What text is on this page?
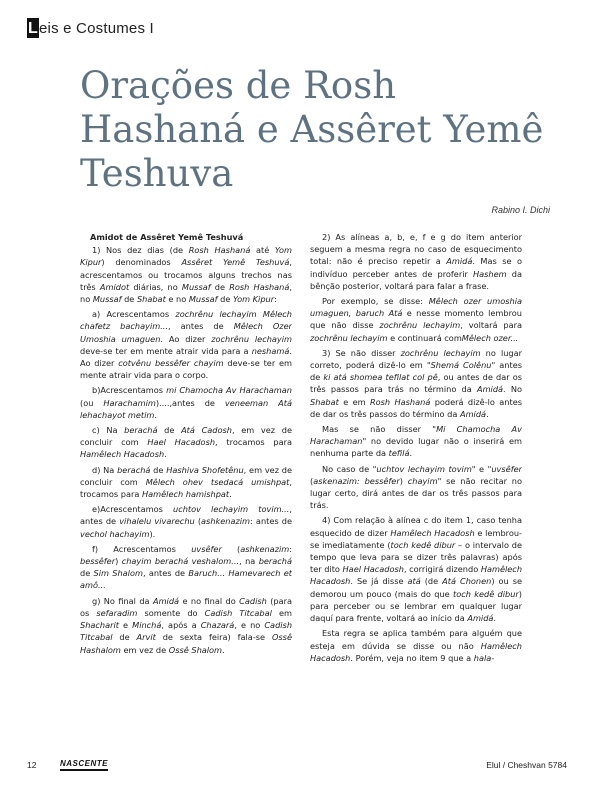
L eis e Costumes I
Orações de Rosh Hashaná e Assêret Yemê Teshuva
Rabino I. Dichi

Amidot de Assêret Yemê Teshuvá

1) Nos dez dias (de Rosh Hashaná até Yom Kipur) denominados Assêret Yemê Teshuvá, acrescentamos ou trocamos alguns trechos nas três Amidot diárias, no Mussaf de Rosh Hashaná, no Mussaf de Shabat e no Mussaf de Yom Kipur:

a) Acrescentamos zochrênu lechayim Mêlech chafetz bachayim..., antes de Mêlech Ozer Umoshia umaguen. Ao dizer zochrênu lechayim deve-se ter em mente atrair vida para a neshamá. Ao dizer cotvênu bessêfer chayim deve-se ter em mente atrair vida para o corpo.

b)Acrescentamos mi Chamocha Av Harachaman (ou Harachamim)....,antes de veneeman Atá lehachayot metim.

c) Na berachá de Atá Cadosh, em vez de concluir com Hael Hacadosh, trocamos para Hamêlech Hacadosh.

d) Na berachá de Hashiva Shofetênu, em vez de concluir com Mêlech ohev tsedacá umishpat, trocamos para Hamêlech hamishpat.

e)Acrescentamos uchtov lechayim tovim..., antes de vihalelu vivarechu (ashkenazim: antes de vechol hachayim).

f) Acrescentamos uvsêfer (ashkenazim: bessêfer) chayim berachá veshalom..., na berachá de Sim Shalom, antes de Baruch... Hamevarech et amô...

g) No final da Amidá e no final do Cadish (para os sefaradim somente do Cadish Titcabal em Shacharit e Minchá, após a Chazará, e no Cadish Titcabal de Arvit de sexta feira) fala-se Ossê Hashalom em vez de Ossê Shalom.

2) As alíneas a, b, e, f e g do item anterior seguem a mesma regra no caso de esquecimento total: não é preciso repetir a Amidá. Mas se o indivíduo perceber antes de proferir Hashem da bênção posterior, voltará para falar a frase.

Por exemplo, se disse: Mêlech ozer umoshia umaguen, baruch Atá e nesse momento lembrou que não disse zochrênu lechayim, voltará para zochrênu lechayim e continuará comMêlech ozer...

3) Se não disser zochrênu lechayim no lugar correto, poderá dizê-lo em "Shemá Colênu" antes de ki atá shomea tefilat col pê, ou antes de dar os três passos para trás no término da Amidá. No Shabat e em Rosh Hashaná poderá dizê-lo antes de dar os três passos do término da Amidá.

Mas se não disser "Mi Chamocha Av Harachaman" no devido lugar não o inserirá em nenhuma parte da tefilá.

No caso de "uchtov lechayim tovim" e "uvsêfer (askenazim: bessêfer) chayim" se não recitar no lugar certo, dirá antes de dar os três passos para trás.

4) Com relação à alínea c do item 1, caso tenha esquecido de dizer Hamêlech Hacadosh e lembrou-se imediatamente (toch kedê dibur – o intervalo de tempo que leva para se dizer três palavras) após ter dito Hael Hacadosh, corrigirá dizendo Hamêlech Hacadosh. Se já disse atá (de Atá Chonen) ou se demorou um pouco (mais do que toch kedê dibur) para perceber ou se lembrar em qualquer lugar daquí para frente, voltará ao início da Amidá.

Esta regra se aplica também para alguém que esteja em dúvida se disse ou não Hamêlech Hacadosh. Porém, veja no item 9 que a hala-

12	NASCENTE	Elul / Cheshvan 5784
